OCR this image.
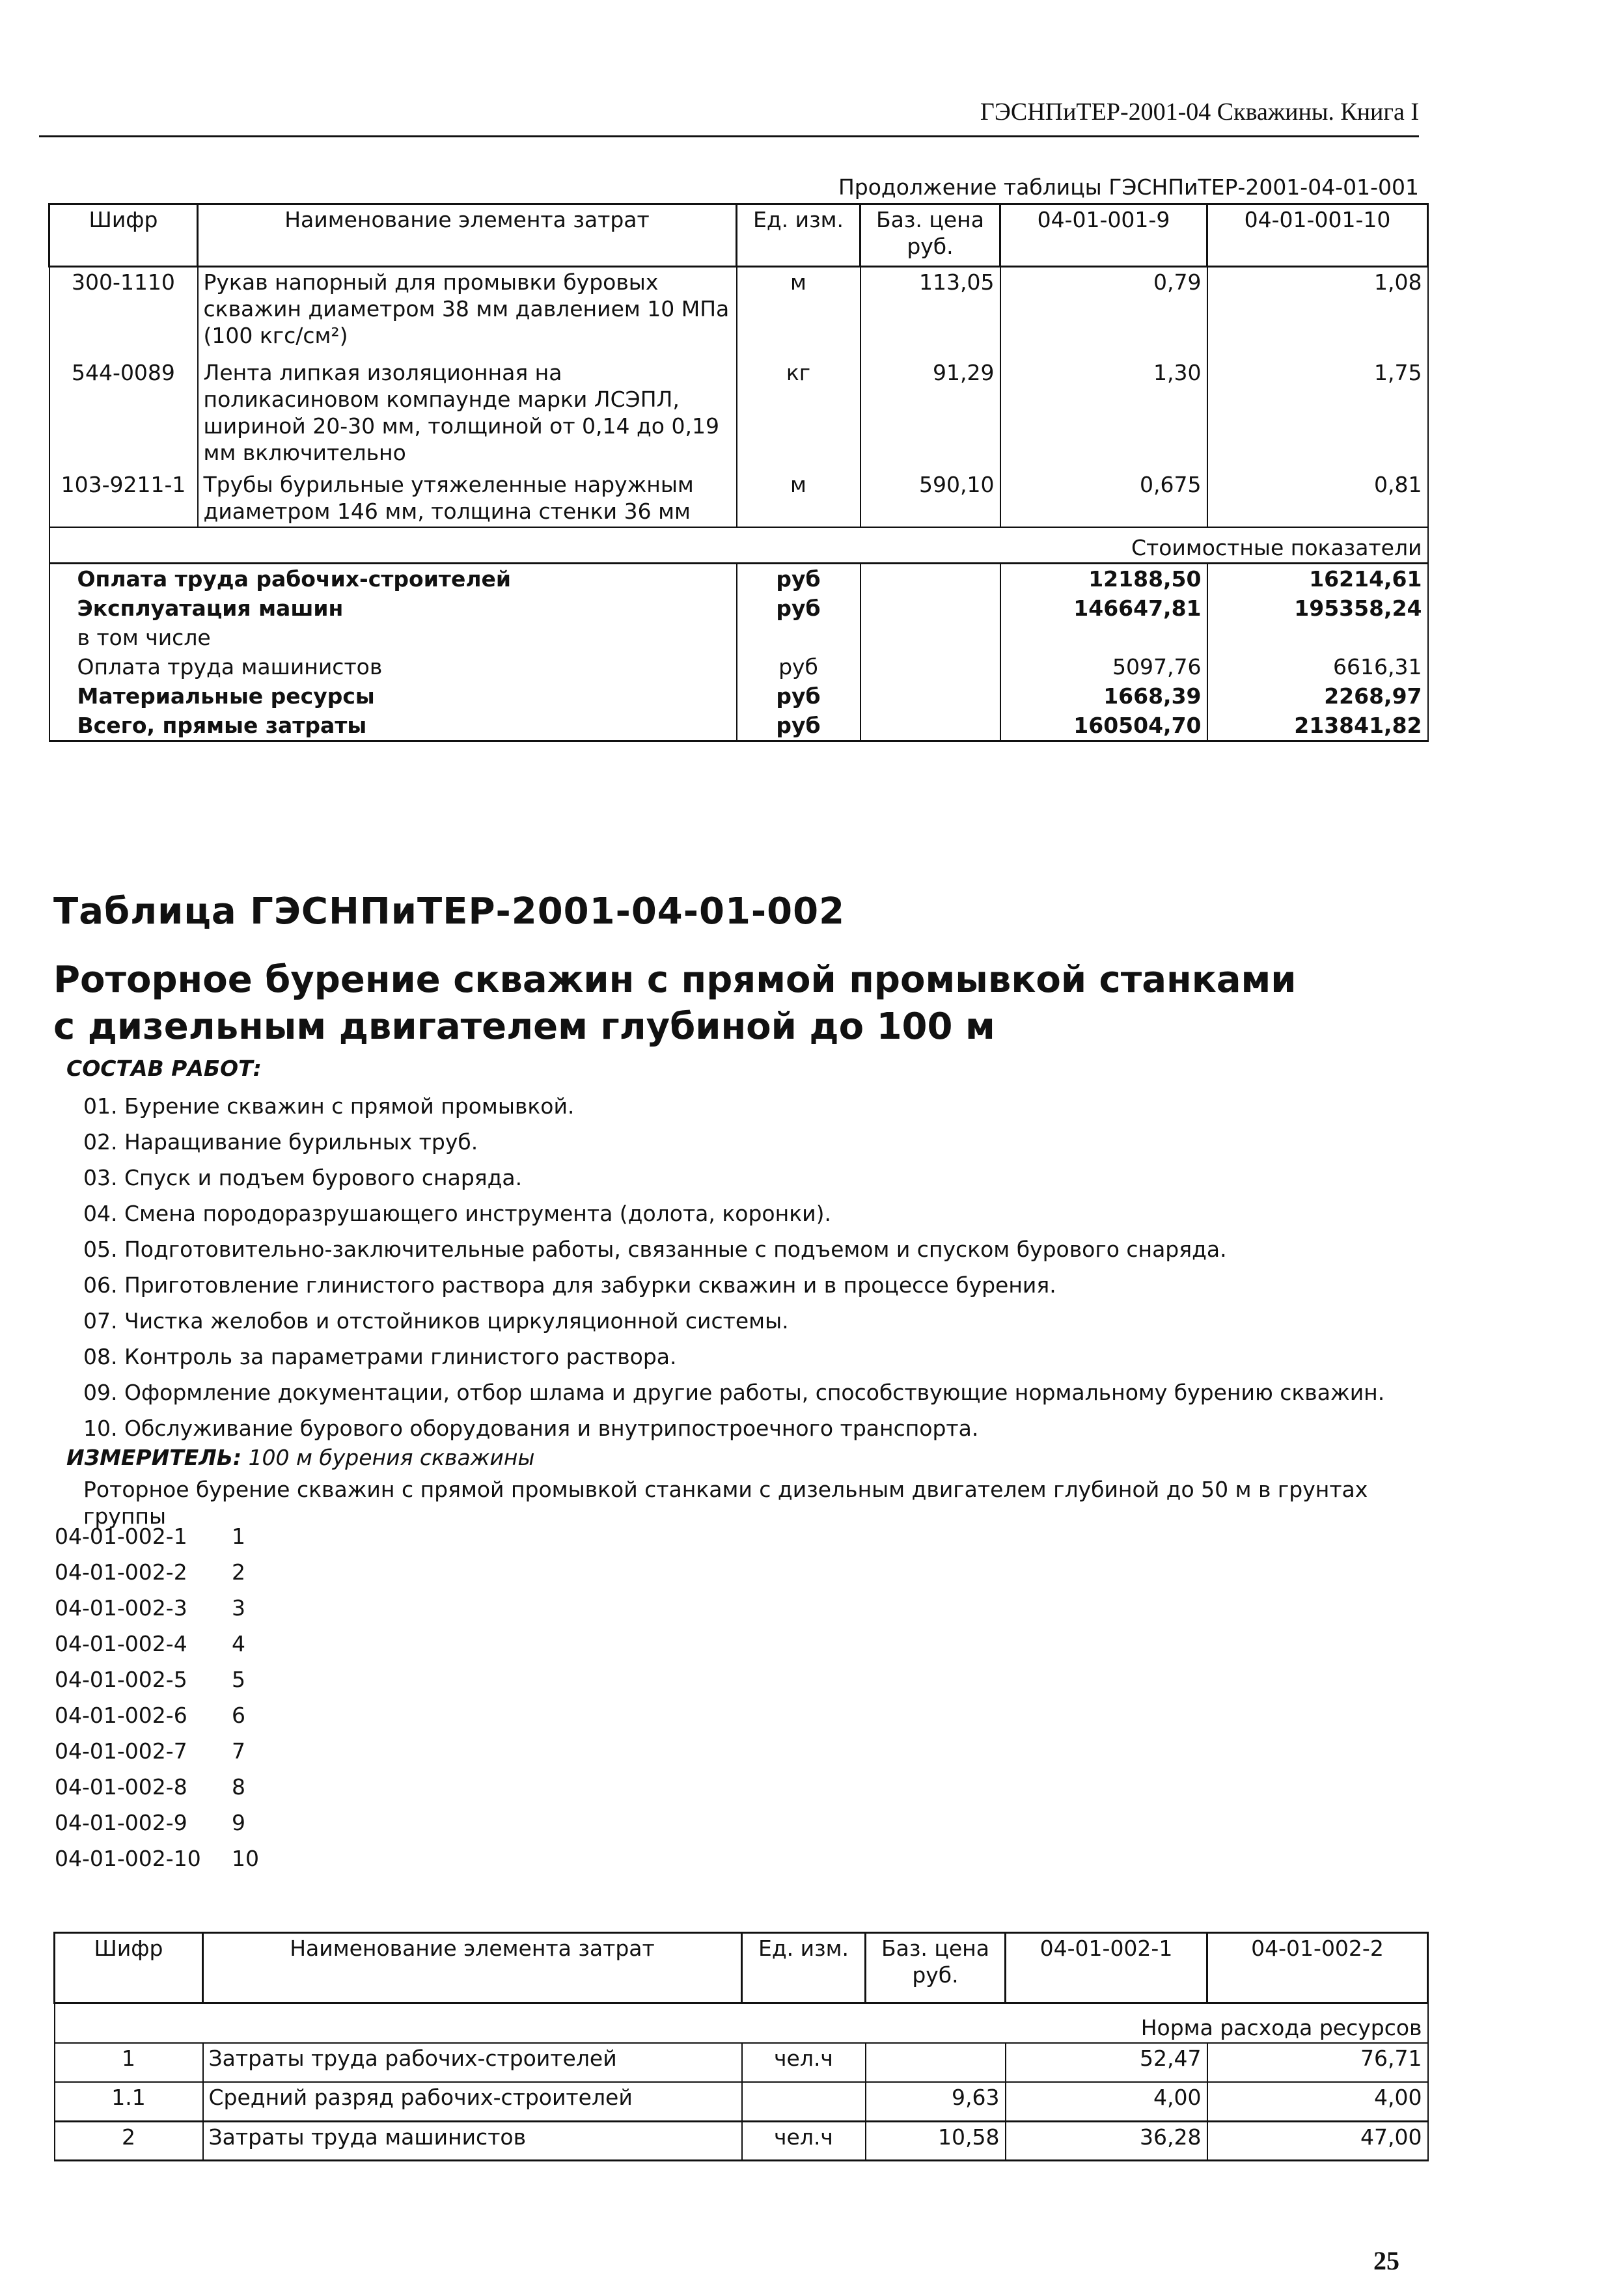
ГЭСНПиТЕР-2001-04 Скважины. Книга I
Продолжение таблицы ГЭСНПиТЕР-2001-04-01-001
Шифр	Наименование элемента затрат	Ед. изм.	Баз. цена руб.	04-01-001-9	04-01-001-10
300-1110	Рукав напорный для промывки буровых скважин диаметром 38 мм давлением 10 МПа (100 кгс/см²)	м	113,05	0,79	1,08
544-0089	Лента липкая изоляционная на поликасиновом компаунде марки ЛСЭПЛ, шириной 20-30 мм, толщиной от 0,14 до 0,19 мм включительно	кг	91,29	1,30	1,75
103-9211-1	Трубы бурильные утяжеленные наружным диаметром 146 мм, толщина стенки 36 мм	м	590,10	0,675	0,81
Стоимостные показатели					
Оплата труда рабочих-строителей		руб		12188,50	16214,61
Эксплуатация машин		руб		146647,81	195358,24
в том числе					
Оплата труда машинистов		руб		5097,76	6616,31
Материальные ресурсы		руб		1668,39	2268,97
Всего, прямые затраты		руб		160504,70	213841,82
Таблица ГЭСНПиТЕР-2001-04-01-002
Роторное бурение скважин с прямой промывкой станками с дизельным двигателем глубиной до 100 м
СОСТАВ РАБОТ:
01. Бурение скважин с прямой промывкой.
02. Наращивание бурильных труб.
03. Спуск и подъем бурового снаряда.
04. Смена породоразрушающего инструмента (долота, коронки).
05. Подготовительно-заключительные работы, связанные с подъемом и спуском бурового снаряда.
06. Приготовление глинистого раствора для забурки скважин и в процессе бурения.
07. Чистка желобов и отстойников циркуляционной системы.
08. Контроль за параметрами глинистого раствора.
09. Оформление документации, отбор шлама и другие работы, способствующие нормальному бурению скважин.
10. Обслуживание бурового оборудования и внутрипостроечного транспорта.
ИЗМЕРИТЕЛЬ: 100 м бурения скважины
Роторное бурение скважин с прямой промывкой станками с дизельным двигателем глубиной до 50 м в грунтах группы
04-01-002-1	1
04-01-002-2	2
04-01-002-3	3
04-01-002-4	4
04-01-002-5	5
04-01-002-6	6
04-01-002-7	7
04-01-002-8	8
04-01-002-9	9
04-01-002-10	10
Шифр	Наименование элемента затрат	Ед. изм.	Баз. цена руб.	04-01-002-1	04-01-002-2
Норма расхода ресурсов					
1	Затраты труда рабочих-строителей	чел.ч		52,47	76,71
1.1	Средний разряд рабочих-строителей		9,63	4,00	4,00
2	Затраты труда машинистов	чел.ч	10,58	36,28	47,00
25
